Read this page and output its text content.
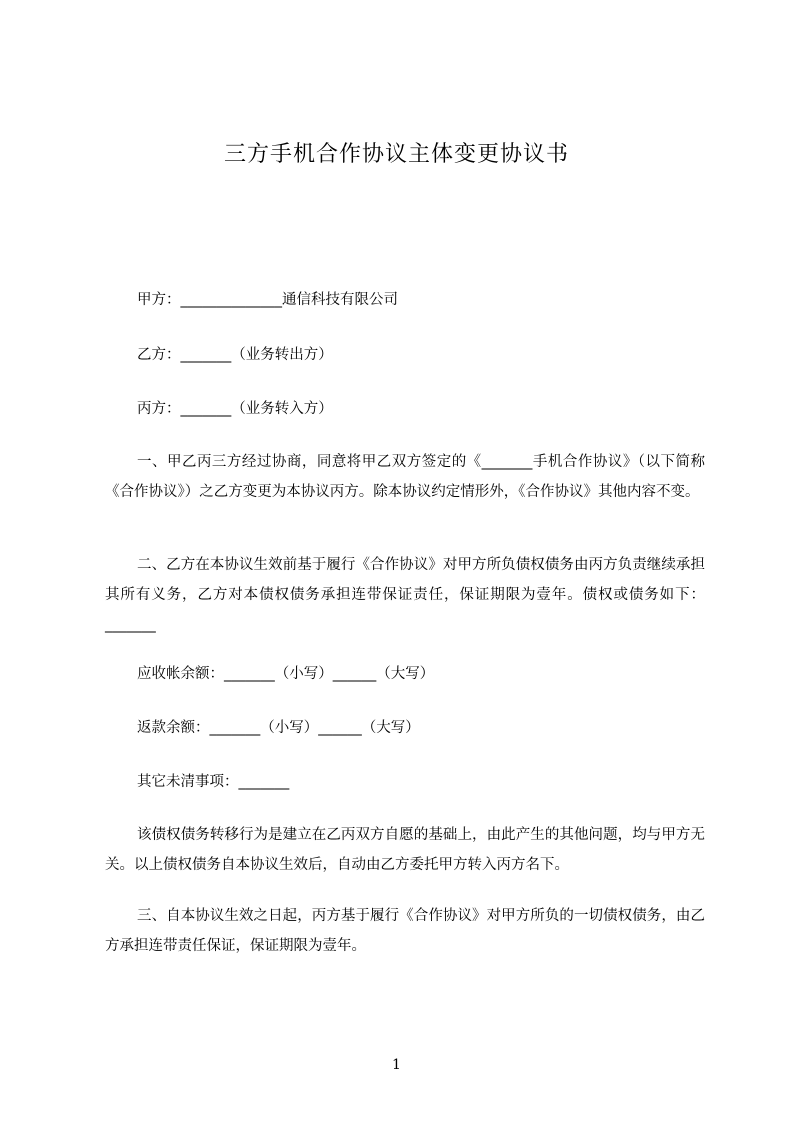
三方手机合作协议主体变更协议书
甲方：______________通信科技有限公司
乙方：_______（业务转出方）
丙方：_______（业务转入方）
一、甲乙丙三方经过协商，同意将甲乙双方签定的《_______手机合作协议》（以下简称《合作协议》）之乙方变更为本协议丙方。除本协议约定情形外，《合作协议》其他内容不变。
二、乙方在本协议生效前基于履行《合作协议》对甲方所负债权债务由丙方负责继续承担其所有义务，乙方对本债权债务承担连带保证责任，保证期限为壹年。债权或债务如下：_______
应收帐余额：_______（小写）______（大写）
返款余额：_______（小写）______（大写）
其它未清事项：_______
该债权债务转移行为是建立在乙丙双方自愿的基础上，由此产生的其他问题，均与甲方无关。以上债权债务自本协议生效后，自动由乙方委托甲方转入丙方名下。
三、自本协议生效之日起，丙方基于履行《合作协议》对甲方所负的一切债权债务，由乙方承担连带责任保证，保证期限为壹年。
1
